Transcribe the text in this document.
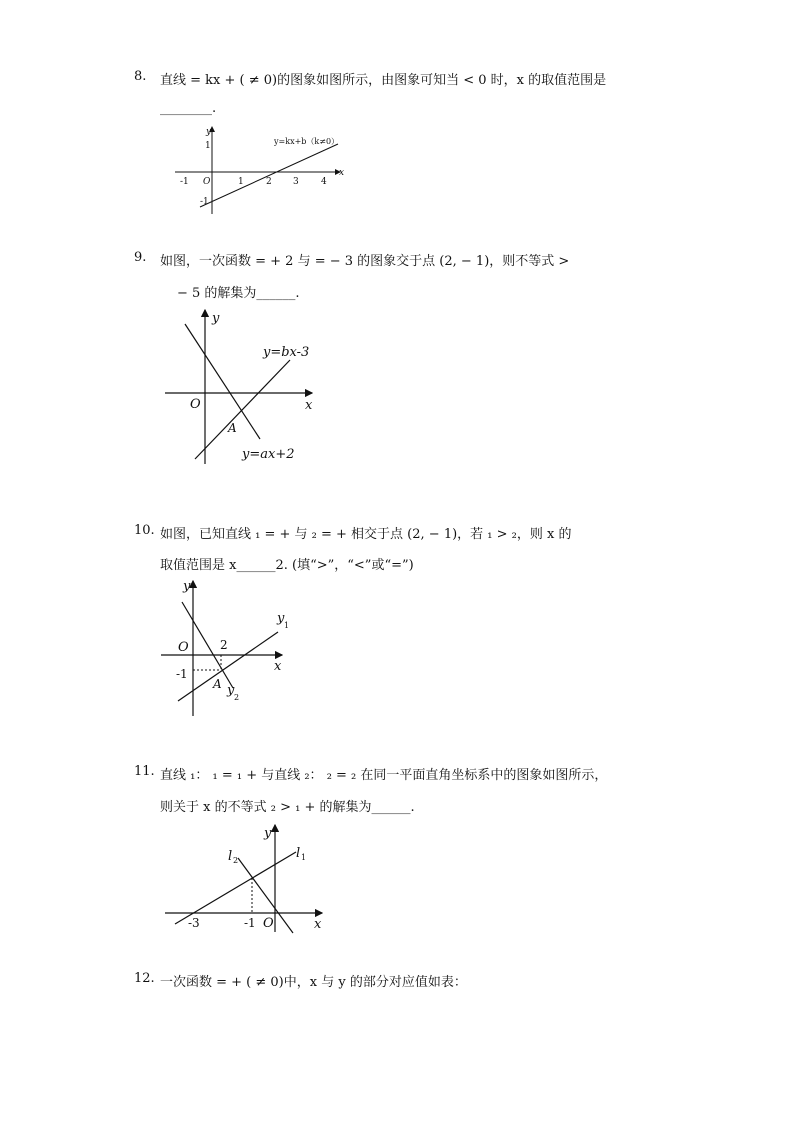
8. 直线 = kx + ( ≠ 0)的图象如图所示，由图象可知当 < 0 时，x 的取值范围是
________.
y
x
O
1
-1
-1	1 2 3 4
y=kx+b（k≠0）
9. 如图，一次函数 = + 2 与 = − 3 的图象交于点 (2, − 1)，则不等式 >
− 5 的解集为______.
y
x
O
A
y=bx-3
y=ax+2
10. 如图，已知直线 ₁ = + 与 ₂ = + 相交于点 (2, − 1)，若 ₁ > ₂，则 x 的
取值范围是 x______2. (填“>”，“<”或“=”)
y
x
O	2
-1
A
y 1
y 2
11. 直线 ₁： ₁ = ₁ + 与直线 ₂： ₂ = ₂ 在同一平面直角坐标系中的图象如图所示，
则关于 x 的不等式 ₂ > ₁ + 的解集为______.
y
x
O
-3	-1
l 1
l 2
12. 一次函数 = + ( ≠ 0)中，x 与 y 的部分对应值如表：
